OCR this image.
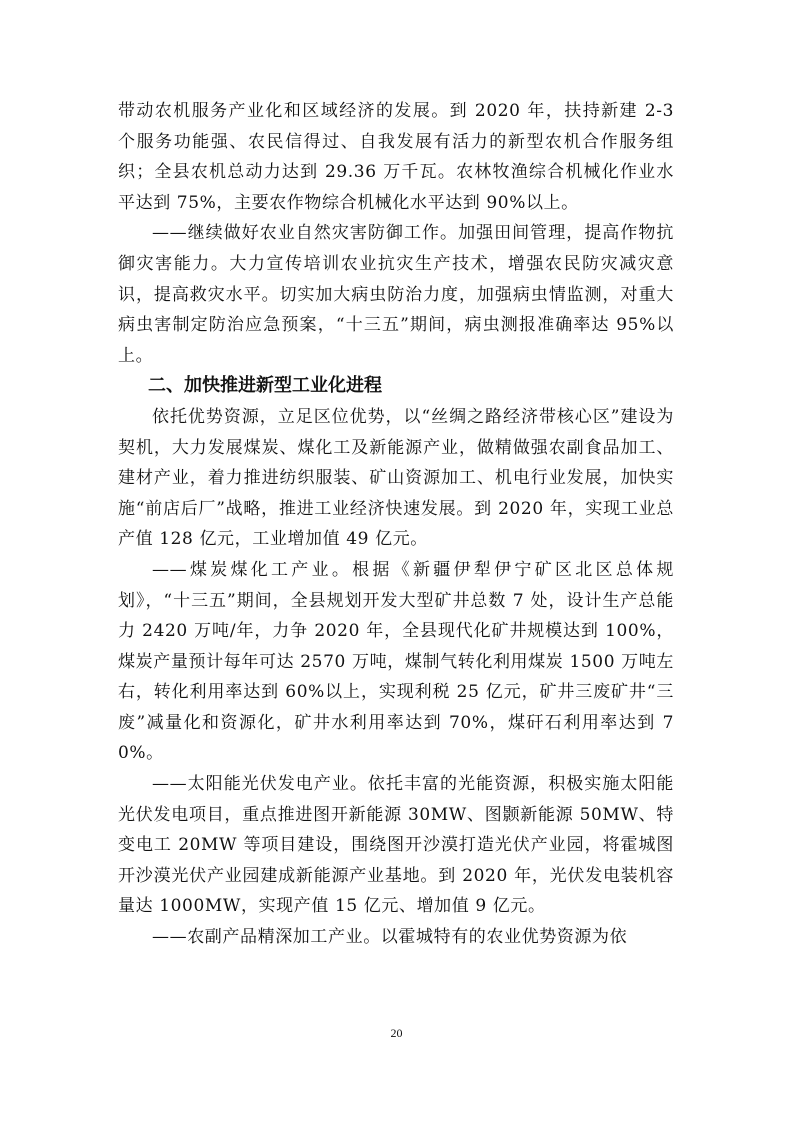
带动农机服务产业化和区域经济的发展。到 2020 年，扶持新建 2-3 个服务功能强、农民信得过、自我发展有活力的新型农机合作服务组织；全县农机总动力达到 29.36 万千瓦。农林牧渔综合机械化作业水平达到 75%，主要农作物综合机械化水平达到 90%以上。

——继续做好农业自然灾害防御工作。加强田间管理，提高作物抗御灾害能力。大力宣传培训农业抗灾生产技术，增强农民防灾减灾意识，提高救灾水平。切实加大病虫防治力度，加强病虫情监测，对重大病虫害制定防治应急预案，“十三五”期间，病虫测报准确率达 95%以上。

二、加快推进新型工业化进程

依托优势资源，立足区位优势，以“丝绸之路经济带核心区”建设为契机，大力发展煤炭、煤化工及新能源产业，做精做强农副食品加工、建材产业，着力推进纺织服装、矿山资源加工、机电行业发展，加快实施“前店后厂”战略，推进工业经济快速发展。到 2020 年，实现工业总产值 128 亿元，工业增加值 49 亿元。

——煤炭煤化工产业。根据《新疆伊犁伊宁矿区北区总体规划》，“十三五”期间，全县规划开发大型矿井总数 7 处，设计生产总能力 2420 万吨/年，力争 2020 年，全县现代化矿井规模达到 100%，煤炭产量预计每年可达 2570 万吨，煤制气转化利用煤炭 1500 万吨左右，转化利用率达到 60%以上，实现利税 25 亿元，矿井三废矿井“三废”减量化和资源化，矿井水利用率达到 70%，煤矸石利用率达到 70%。

——太阳能光伏发电产业。依托丰富的光能资源，积极实施太阳能光伏发电项目，重点推进图开新能源 30MW、图颢新能源 50MW、特变电工 20MW 等项目建设，围绕图开沙漠打造光伏产业园，将霍城图开沙漠光伏产业园建成新能源产业基地。到 2020 年，光伏发电装机容量达 1000MW，实现产值 15 亿元、增加值 9 亿元。

——农副产品精深加工产业。以霍城特有的农业优势资源为依

20
